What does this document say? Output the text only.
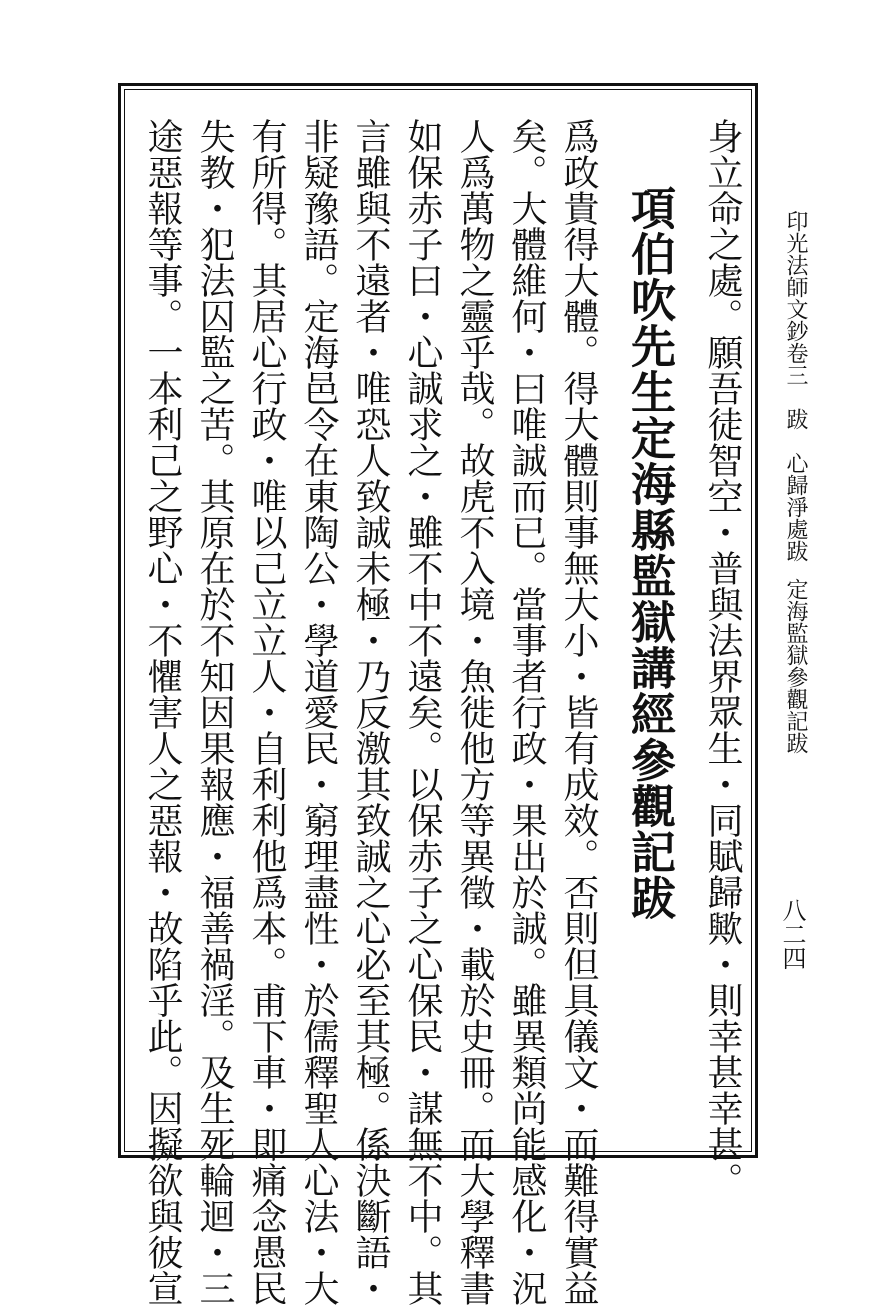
印光法師文鈔卷三跋心歸淨處跋定海監獄參觀記跋
八二四
身立命之處。願吾徒智空・普與法界眾生・同賦歸歟・則幸甚幸甚。
項伯吹先生定海縣監獄講經參觀記跋
爲政貴得大體。得大體則事無大小・皆有成效。否則但具儀文・而難得實益
矣。大體維何・曰唯誠而已。當事者行政・果出於誠。雖異類尚能感化・況
人爲萬物之靈乎哉。故虎不入境・魚徙他方等異徵・載於史冊。而大學釋書
如保赤子曰・心誠求之・雖不中不遠矣。以保赤子之心保民・謀無不中。其
言雖與不遠者・唯恐人致誠未極・乃反激其致誠之心必至其極。係決斷語・
非疑豫語。定海邑令在東陶公・學道愛民・窮理盡性・於儒釋聖人心法・大
有所得。其居心行政・唯以己立立人・自利利他爲本。甫下車・即痛念愚民
失教・犯法囚監之苦。其原在於不知因果報應・福善禍淫。及生死輪迴・三
途惡報等事。一本利己之野心・不懼害人之惡報・故陷乎此。因擬欲與彼宣
